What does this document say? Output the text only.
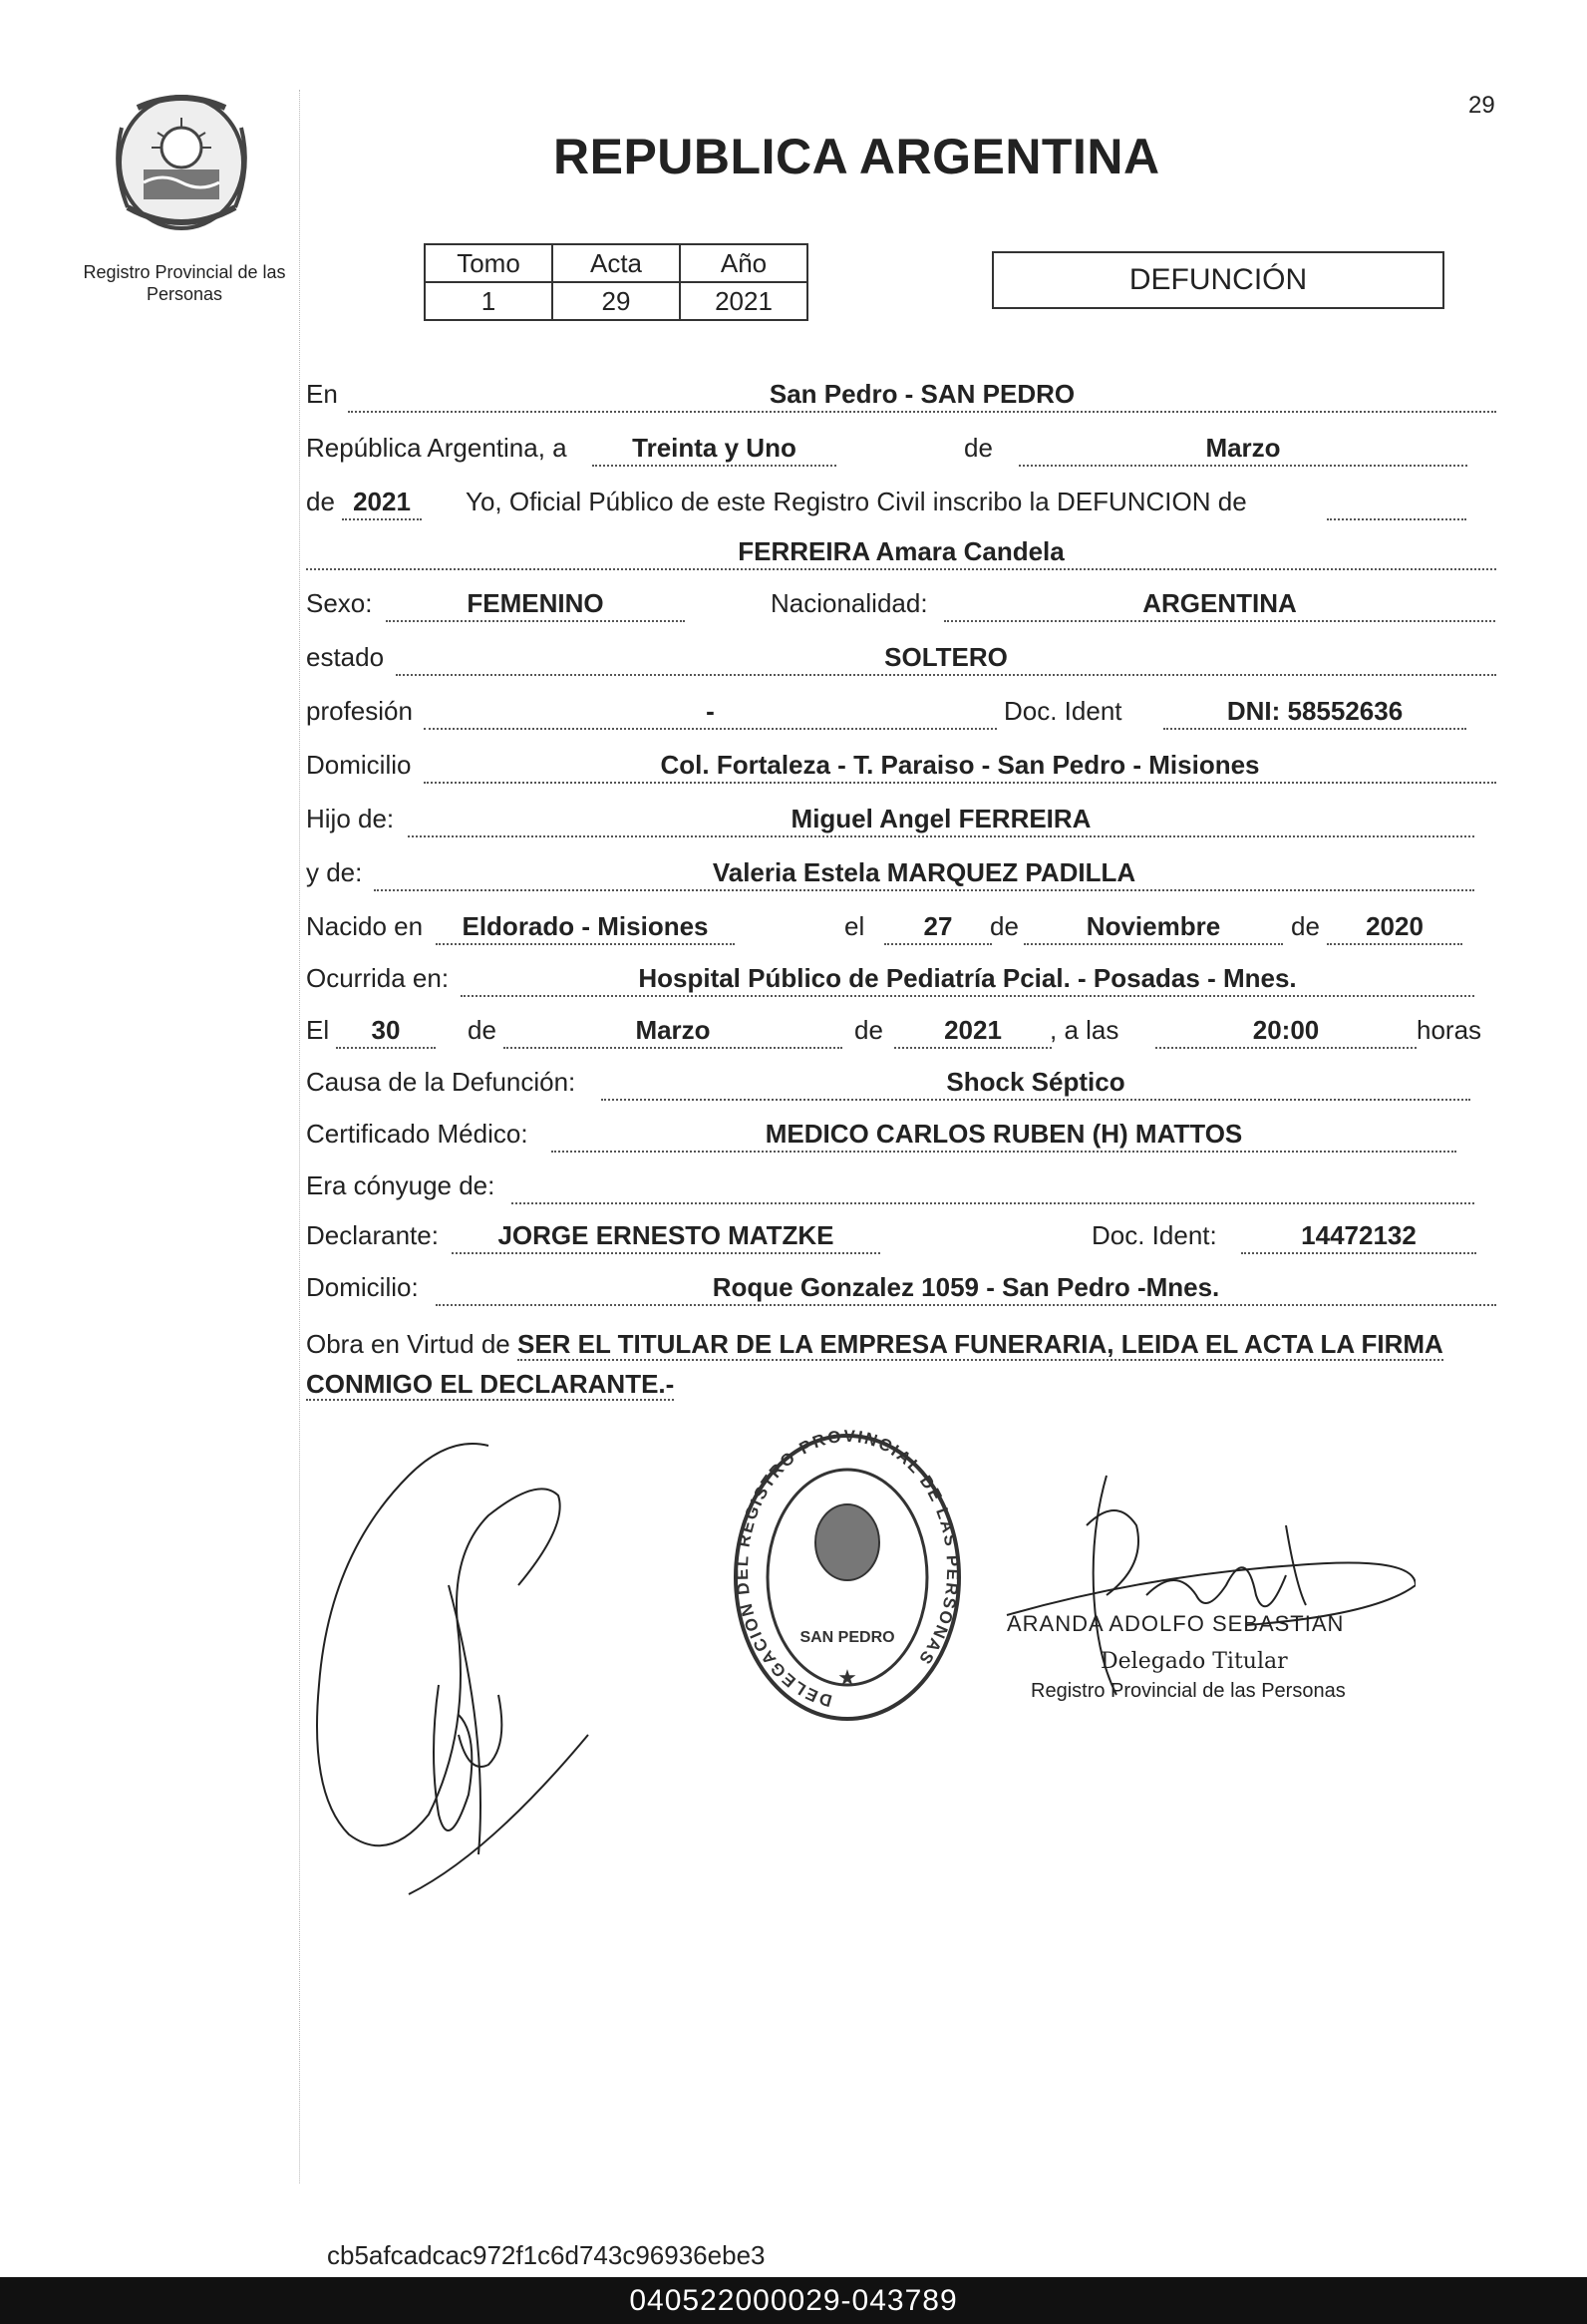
29
Registro Provincial de las Personas
REPUBLICA ARGENTINA
Tomo	Acta	Año
1	29	2021
DEFUNCIÓN
En	San Pedro - SAN PEDRO
República Argentina, a	Treinta y Uno	de	Marzo
de 2021	Yo, Oficial Público de este Registro Civil inscribo la DEFUNCION de
FERREIRA Amara Candela
Sexo:	FEMENINO	Nacionalidad:	ARGENTINA
estado	SOLTERO
profesión	-	Doc. Ident	DNI: 58552636
Domicilio	Col. Fortaleza - T. Paraiso - San Pedro - Misiones
Hijo de:	Miguel Angel FERREIRA
y de:	Valeria Estela MARQUEZ PADILLA
Nacido en	Eldorado - Misiones	el	27	de	Noviembre	de	2020
Ocurrida en:	Hospital Público de Pediatría Pcial. - Posadas - Mnes.
El	30	de	Marzo	de	2021	, a las	20:00	horas
Causa de la Defunción:	Shock Séptico
Certificado Médico:	MEDICO CARLOS RUBEN (H) MATTOS
Era cónyuge de:
Declarante:	JORGE ERNESTO MATZKE	Doc. Ident:	14472132
Domicilio:	Roque Gonzalez 1059 - San Pedro -Mnes.
Obra en Virtud de SER EL TITULAR DE LA EMPRESA FUNERARIA, LEIDA EL ACTA LA FIRMA CONMIGO EL DECLARANTE.-
DELEGACION DEL REGISTRO PROVINCIAL DE LAS PERSONAS
SAN PEDRO
★
ARANDA ADOLFO SEBASTIAN
Delegado Titular
Registro Provincial de las Personas
cb5afcadcac972f1c6d743c96936ebe3
040522000029-043789
